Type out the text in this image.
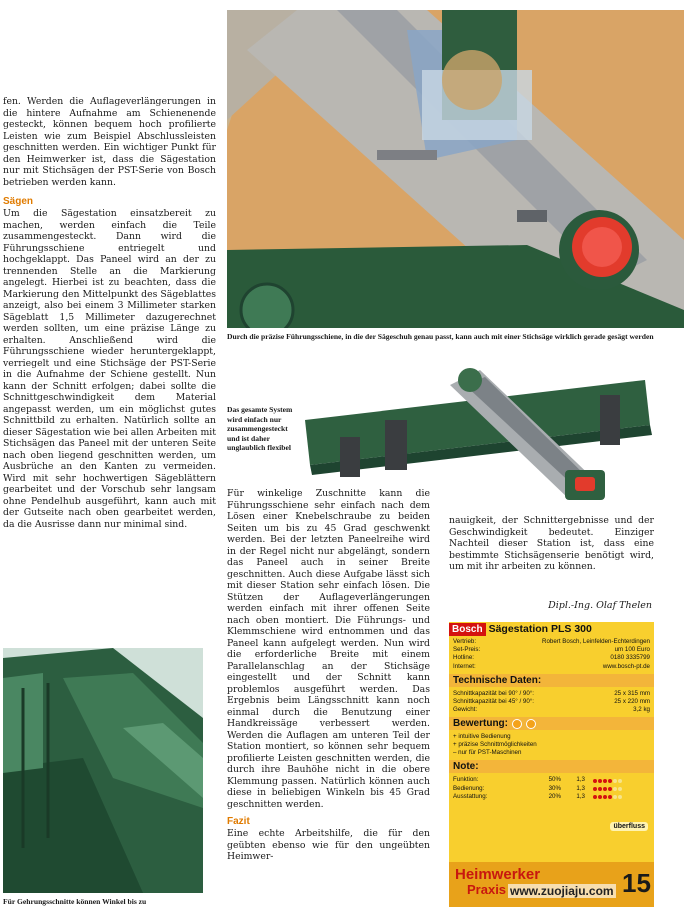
Durch die präzise Führungsschiene, in die der Sägeschuh genau passt, kann auch mit einer Stichsäge wirklich gerade gesägt werden

fen. Werden die Auflageverlängerungen in die hintere Aufnahme am Schienenende gesteckt, können bequem hoch profilierte Leisten wie zum Beispiel Abschlussleisten geschnitten werden. Ein wichtiger Punkt für den Heimwerker ist, dass die Sägestation nur mit Stichsägen der PST-Serie von Bosch betrieben werden kann.

Sägen

Um die Sägestation einsatzbereit zu machen, werden einfach die Teile zusammengesteckt. Dann wird die Führungsschiene entriegelt und hochgeklappt. Das Paneel wird an der zu trennenden Stelle an die Markierung angelegt. Hierbei ist zu beachten, dass die Markierung den Mittelpunkt des Sägeblattes anzeigt, also bei einem 3 Millimeter starken Sägeblatt 1,5 Millimeter dazugerechnet werden sollten, um eine präzise Länge zu erhalten. Anschließend wird die Führungsschiene wieder heruntergeklappt, verriegelt und eine Stichsäge der PST-Serie in die Aufnahme der Schiene gestellt. Nun kann der Schnitt erfolgen; dabei sollte die Schnittgeschwindigkeit dem Material angepasst werden, um ein möglichst gutes Schnittbild zu erhalten. Natürlich sollte an dieser Sägestation wie bei allen Arbeiten mit Stichsägen das Paneel mit der unteren Seite nach oben liegend geschnitten werden, um Ausbrüche an den Kanten zu vermeiden. Wird mit sehr hochwertigen Sägeblättern gearbeitet und der Vorschub sehr langsam ohne Pendelhub ausgeführt, kann auch mit der Gutseite nach oben gearbeitet werden, da die Ausrisse dann nur minimal sind.

Das gesamte System wird einfach nur zusammengesteckt und ist daher unglaublich flexibel

Für winkelige Zuschnitte kann die Führungsschiene sehr einfach nach dem Lösen einer Knebelschraube zu beiden Seiten um bis zu 45 Grad geschwenkt werden. Bei der letzten Paneelreihe wird in der Regel nicht nur abgelängt, sondern das Paneel auch in seiner Breite geschnitten. Auch diese Aufgabe lässt sich mit dieser Station sehr einfach lösen. Die Stützen der Auflageverlängerungen werden einfach mit ihrer offenen Seite nach oben montiert. Die Führungs- und Klemmschiene wird entnommen und das Paneel kann aufgelegt werden. Nun wird die erforderliche Breite mit einem Parallelanschlag an der Stichsäge eingestellt und der Schnitt kann problemlos ausgeführt werden. Das Ergebnis beim Längsschnitt kann noch einmal durch die Benutzung einer Handkreissäge verbessert werden. Werden die Auflagen am unteren Teil der Station montiert, so können sehr bequem profilierte Leisten geschnitten werden, die durch ihre Bauhöhe nicht in die obere Klemmung passen. Natürlich können auch diese in beliebigen Winkeln bis 45 Grad geschnitten werden.

Fazit

Eine echte Arbeitshilfe, die für den geübten ebenso wie für den ungeübten Heimwer-

nauigkeit, der Schnittergebnisse und der Geschwindigkeit bedeutet. Einziger Nachteil dieser Station ist, dass eine bestimmte Stichsägenserie benötigt wird, um mit ihr arbeiten zu können.

Dipl.-Ing. Olaf Thelen
Für Gehrungsschnitte können Winkel bis zu
Bosch Sägestation PLS 300
Vertrieb:	Robert Bosch, Leinfelden-Echterdingen
Set-Preis:	um 100 Euro
Hotline:	0180 3335799
Internet:	www.bosch-pt.de
Technische Daten:
Schnittkapazität bei 90° / 90°:	25 x 315 mm
Schnittkapazität bei 45° / 90°:	25 x 220 mm
Gewicht:	3,2 kg
Bewertung:
+ intuitive Bedienung
+ präzise Schnittmöglichkeiten
– nur für PST-Maschinen
Note:
Funktion:	50%	1,3
Bedienung:	30%	1,3
Ausstattung:	20%	1,3
Heimwerker
Praxis
überfluss
15
www.zuojiaju.com
